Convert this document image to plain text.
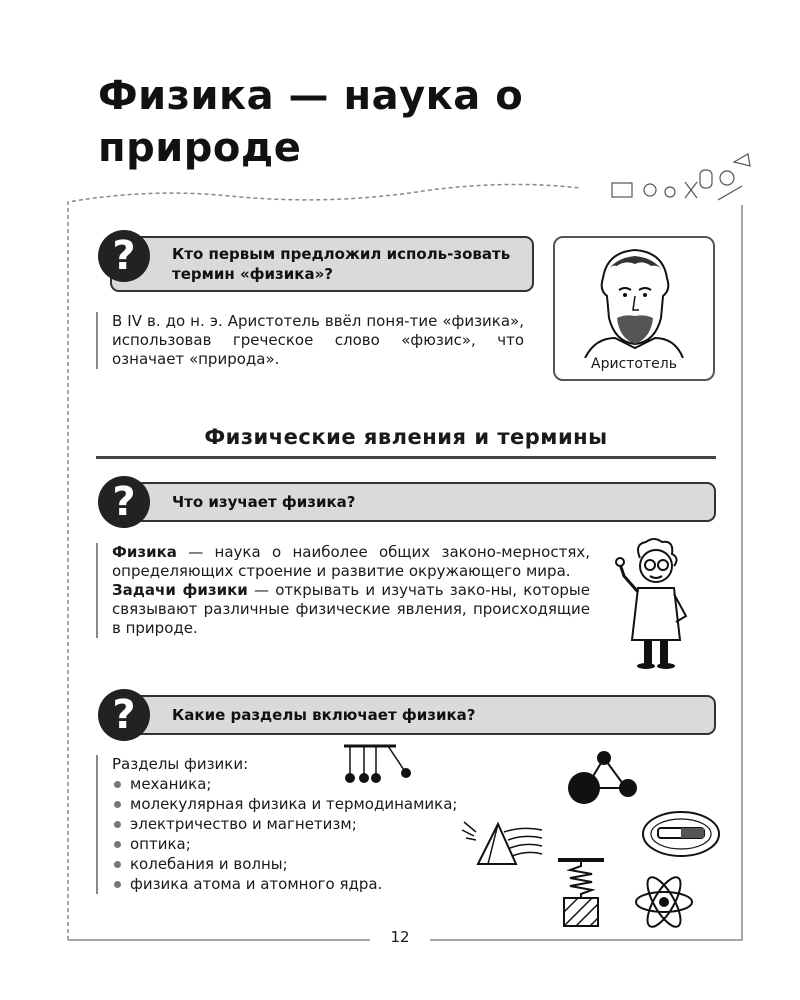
Физика — наука о природе
?	Кто первым предложил исполь-зовать термин «физика»?
В IV в. до н. э. Аристотель ввёл поня-тие «физика», использовав греческое слово «фюзис», что означает «природа».	Аристотель
Физические явления и термины
?	Что изучает физика?
Физика — наука о наиболее общих законо-мерностях, определяющих строение и развитие окружающего мира.
Задачи физики — открывать и изучать зако-ны, которые связывают различные физические явления, происходящие в природе.
?	Какие разделы включает физика?
Разделы физики:
механика;
молекулярная физика и термодинамика;
электричество и магнетизм;
оптика;
колебания и волны;
физика атома и атомного ядра.
12
